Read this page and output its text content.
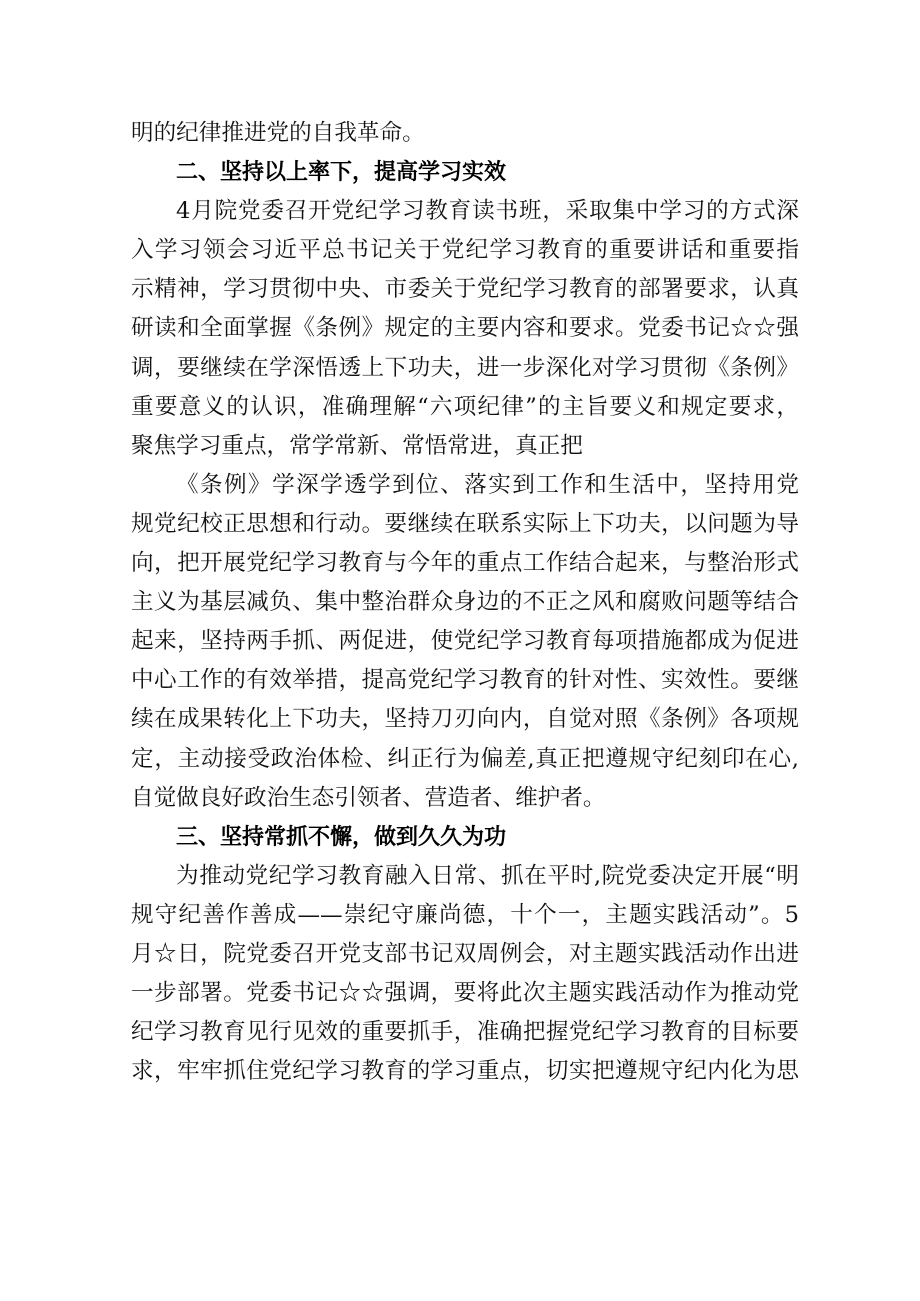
明的纪律推进党的自我革命。
二、坚持以上率下，提高学习实效
4月院党委召开党纪学习教育读书班，采取集中学习的方式深
入学习领会习近平总书记关于党纪学习教育的重要讲话和重要指
示精神，学习贯彻中央、市委关于党纪学习教育的部署要求，认真
研读和全面掌握《条例》规定的主要内容和要求。党委书记☆☆强
调，要继续在学深悟透上下功夫，进一步深化对学习贯彻《条例》
重要意义的认识，准确理解“六项纪律”的主旨要义和规定要求，
聚焦学习重点，常学常新、常悟常进，真正把
《条例》学深学透学到位、落实到工作和生活中，坚持用党
规党纪校正思想和行动。要继续在联系实际上下功夫，以问题为导
向，把开展党纪学习教育与今年的重点工作结合起来，与整治形式
主义为基层减负、集中整治群众身边的不正之风和腐败问题等结合
起来，坚持两手抓、两促进，使党纪学习教育每项措施都成为促进
中心工作的有效举措，提高党纪学习教育的针对性、实效性。要继
续在成果转化上下功夫，坚持刀刃向内，自觉对照《条例》各项规
定，主动接受政治体检、纠正行为偏差,真正把遵规守纪刻印在心,
自觉做良好政治生态引领者、营造者、维护者。
三、坚持常抓不懈，做到久久为功
为推动党纪学习教育融入日常、抓在平时,院党委决定开展“明
规守纪善作善成——崇纪守廉尚德，十个一，主题实践活动”。5
月☆日，院党委召开党支部书记双周例会，对主题实践活动作出进
一步部署。党委书记☆☆强调，要将此次主题实践活动作为推动党
纪学习教育见行见效的重要抓手，准确把握党纪学习教育的目标要
求，牢牢抓住党纪学习教育的学习重点，切实把遵规守纪内化为思
